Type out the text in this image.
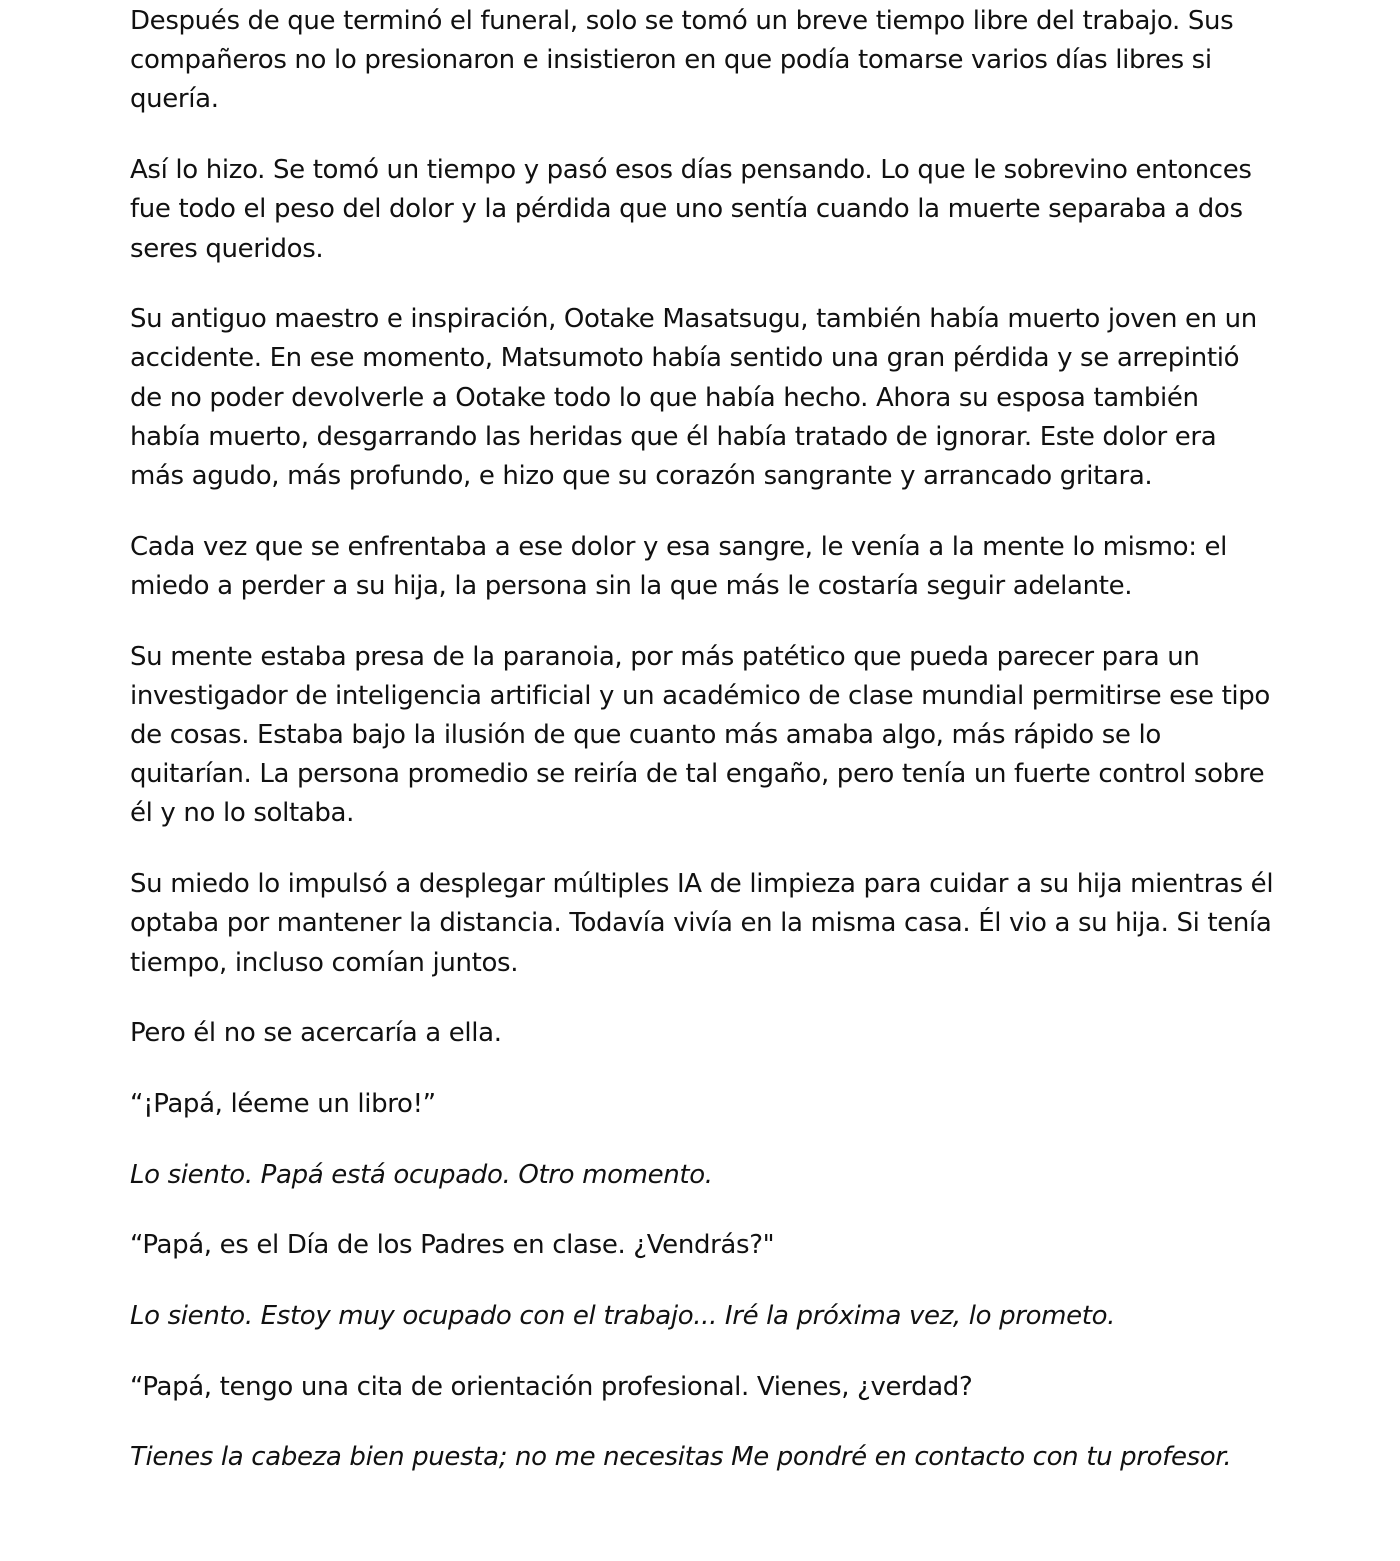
Después de que terminó el funeral, solo se tomó un breve tiempo libre del trabajo. Sus compañeros no lo presionaron e insistieron en que podía tomarse varios días libres si quería.

Así lo hizo. Se tomó un tiempo y pasó esos días pensando. Lo que le sobrevino entonces fue todo el peso del dolor y la pérdida que uno sentía cuando la muerte separaba a dos seres queridos.

Su antiguo maestro e inspiración, Ootake Masatsugu, también había muerto joven en un accidente. En ese momento, Matsumoto había sentido una gran pérdida y se arrepintió de no poder devolverle a Ootake todo lo que había hecho. Ahora su esposa también había muerto, desgarrando las heridas que él había tratado de ignorar. Este dolor era más agudo, más profundo, e hizo que su corazón sangrante y arrancado gritara.

Cada vez que se enfrentaba a ese dolor y esa sangre, le venía a la mente lo mismo: el miedo a perder a su hija, la persona sin la que más le costaría seguir adelante.

Su mente estaba presa de la paranoia, por más patético que pueda parecer para un investigador de inteligencia artificial y un académico de clase mundial permitirse ese tipo de cosas. Estaba bajo la ilusión de que cuanto más amaba algo, más rápido se lo quitarían. La persona promedio se reiría de tal engaño, pero tenía un fuerte control sobre él y no lo soltaba.

Su miedo lo impulsó a desplegar múltiples IA de limpieza para cuidar a su hija mientras él optaba por mantener la distancia. Todavía vivía en la misma casa. Él vio a su hija. Si tenía tiempo, incluso comían juntos.

Pero él no se acercaría a ella.

“¡Papá, léeme un libro!”

Lo siento. Papá está ocupado. Otro momento.

“Papá, es el Día de los Padres en clase. ¿Vendrás?"

Lo siento. Estoy muy ocupado con el trabajo... Iré la próxima vez, lo prometo.

“Papá, tengo una cita de orientación profesional. Vienes, ¿verdad?

Tienes la cabeza bien puesta; no me necesitas Me pondré en contacto con tu profesor.
